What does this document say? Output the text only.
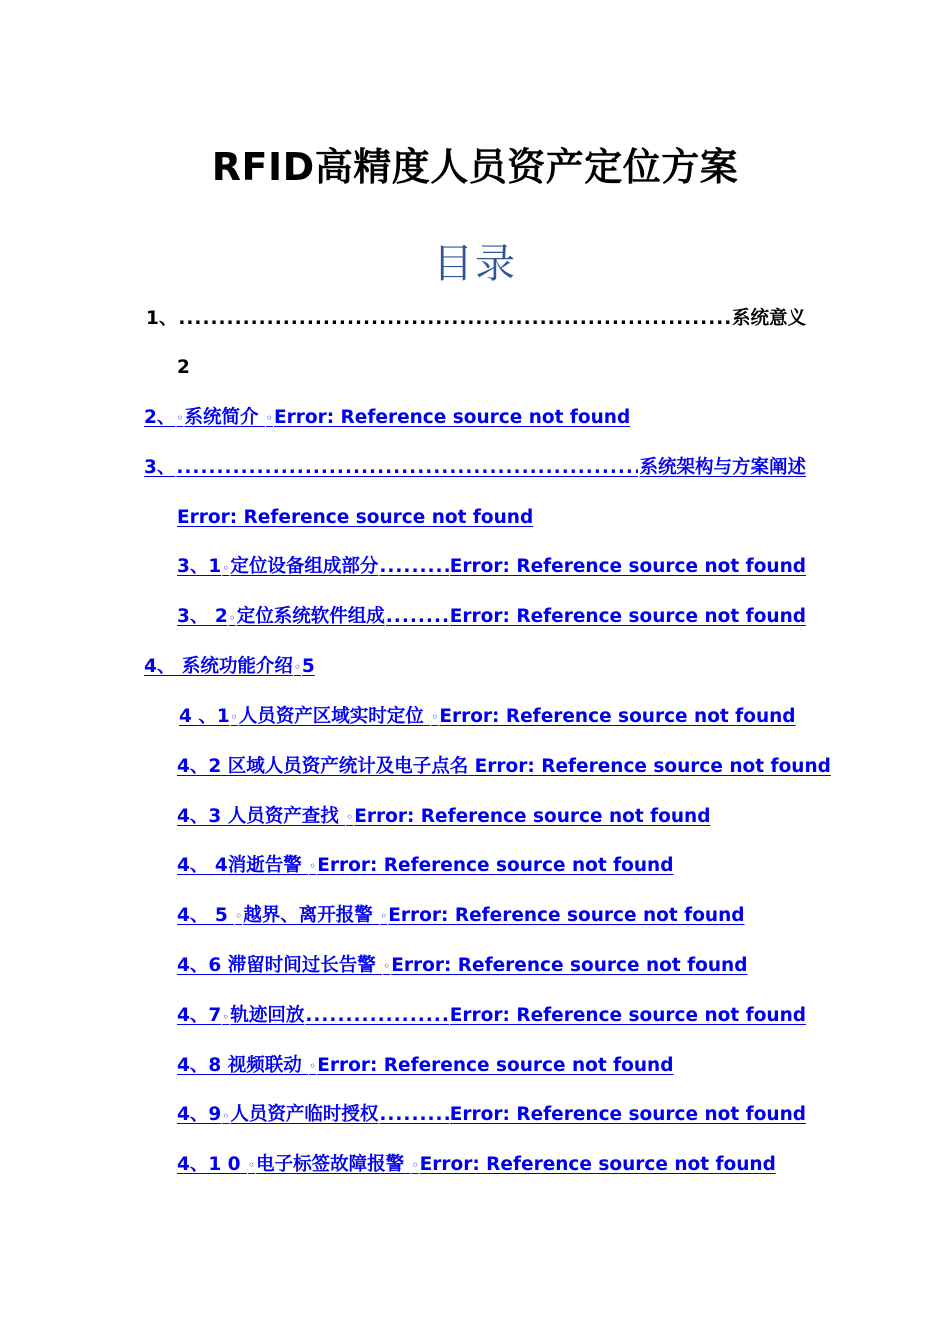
RFID高精度人员资产定位方案
目录
1、 .....	系统意义
2
2、◦系统简介 ◦Error: Reference source not found
3、 .....	系统架构与方案阐述
Error: Reference source not found
3、1 ◦ 定位设备组成部分 .....	Error: Reference source not found
3、 2 ◦ 定位系统软件组成 .....	Error: Reference source not found
4、 系统功能介绍◦5
4 、1◦人员资产区域实时定位 ◦Error: Reference source not found
4、2 区域人员资产统计及电子点名 Error: Reference source not found
4、3 人员资产查找 ◦Error: Reference source not found
4、 4消逝告警 ◦Error: Reference source not found
4、 5 ◦越界、离开报警 ◦Error: Reference source not found
4、6 滞留时间过长告警 ◦Error: Reference source not found
4、7 ◦ 轨迹回放 .....	Error: Reference source not found
4、8 视频联动 ◦Error: Reference source not found
4、9 ◦ 人员资产临时授权 .....	Error: Reference source not found
4、1 0 ◦电子标签故障报警 ◦Error: Reference source not found
